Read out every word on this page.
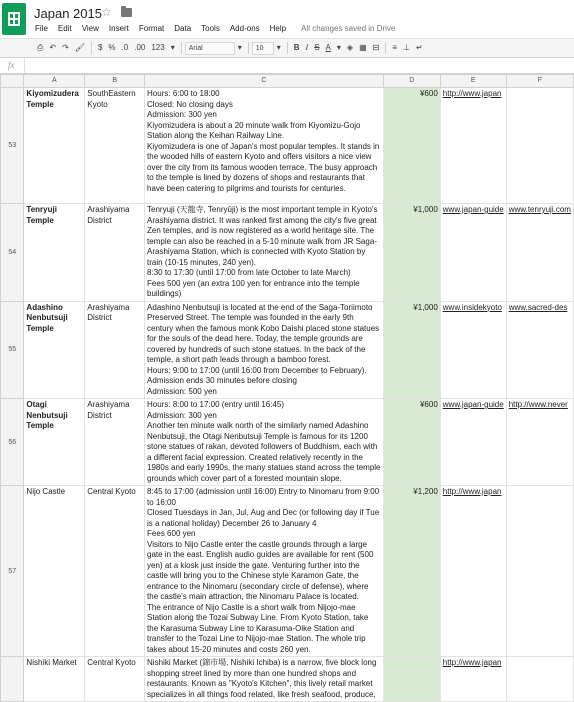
Japan 2015 ☆
File	Edit	View	Insert	Format	Data	Tools	Add-ons	Help	All changes saved in Drive
⎙ ↶ ↷ 🖌	$ % .0 .00 123 ▾	Arial	▾	10	▾	B I S A ▾ ◈ ▦ ⊟	≡ ⊥ ↵
fx
	A	B	C	D	E	F
53	Kiyomizudera Temple	SouthEastern Kyoto	Hours: 6:00 to 18:00
Closed: No closing days
Admission: 300 yen
Kiyomizudera is about a 20 minute walk from Kiyomizu-Gojo Station along the Keihan Railway Line.
Kiyomizudera is one of Japan's most popular temples. It stands in the wooded hills of eastern Kyoto and offers visitors a nice view over the city from its famous wooden terrace. The busy approach to the temple is lined by dozens of shops and restaurants that have been catering to pilgrims and tourists for centuries.	¥600	http://www.japan	
54	Tenryuji Temple	Arashiyama District	Tenryuji (天龍寺, Tenryūji) is the most important temple in Kyoto's Arashiyama district. It was ranked first among the city's five great Zen temples, and is now registered as a world heritage site. The temple can also be reached in a 5-10 minute walk from JR Saga-Arashiyama Station, which is connected with Kyoto Station by train (10-15 minutes, 240 yen).
8:30 to 17:30 (until 17:00 from late October to late March)
Fees 500 yen (an extra 100 yen for entrance into the temple buildings)	¥1,000	www.japan-guide	www.tenryuji.com
55	Adashino Nenbutsuji Temple	Arashiyama District	Adashino Nenbutsuji is located at the end of the Saga-Toriimoto Preserved Street. The temple was founded in the early 9th century when the famous monk Kobo Daishi placed stone statues for the souls of the dead here. Today, the temple grounds are covered by hundreds of such stone statues. In the back of the temple, a short path leads through a bamboo forest.
Hours: 9:00 to 17:00 (until 16:00 from December to February).
Admission ends 30 minutes before closing
Admission: 500 yen	¥1,000	www.insidekyoto	www.sacred-des
56	Otagi Nenbutsuji Temple	Arashiyama District	Hours: 8:00 to 17:00 (entry until 16:45)
Admission: 300 yen
Another ten minute walk north of the similarly named Adashino Nenbutsuji, the Otagi Nenbutsuji Temple is famous for its 1200 stone statues of rakan, devoted followers of Buddhism, each with a different facial expression. Created relatively recently in the 1980s and early 1990s, the many statues stand across the temple grounds which cover part of a forested mountain slope.	¥600	www.japan-guide	http://www.never
57	Nijo Castle	Central Kyoto	8:45 to 17:00 (admission until 16:00) Entry to Ninomaru from 9:00 to 16:00
Closed Tuesdays in Jan, Jul, Aug and Dec (or following day if Tue is a national holiday) December 26 to January 4
Fees 600 yen
Visitors to Nijo Castle enter the castle grounds through a large gate in the east. English audio guides are available for rent (500 yen) at a kiosk just inside the gate. Venturing further into the castle will bring you to the Chinese style Karamon Gate, the entrance to the Ninomaru (secondary circle of defense), where the castle's main attraction, the Ninomaru Palace is located.
The entrance of Nijo Castle is a short walk from Nijojo-mae Station along the Tozai Subway Line. From Kyoto Station, take the Karasuma Subway Line to Karasuma-Oike Station and transfer to the Tozai Line to Nijojo-mae Station. The whole trip takes about 15-20 minutes and costs 260 yen.	¥1,200	http://www.japan	
	Nishiki Market	Central Kyoto	Nishiki Market (錦市場, Nishiki Ichiba) is a narrow, five block long shopping street lined by more than one hundred shops and restaurants. Known as "Kyoto's Kitchen", this lively retail market specializes in all things food related, like fresh seafood, produce,		http://www.japan	
